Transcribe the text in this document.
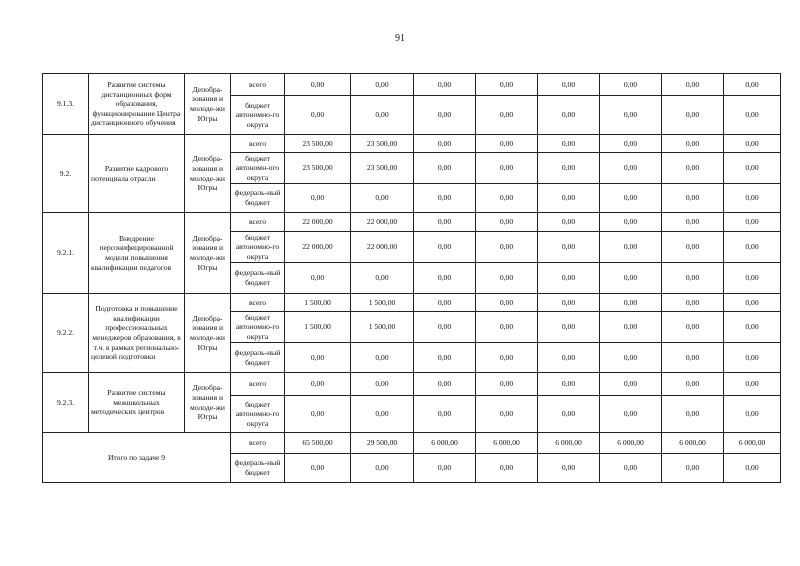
91
9.1.3.	Развитие системы дистанционных форм образования, функционирование Центра дистанционного обучения	Депобра-зования и молоде-жи Югры	всего	0,00	0,00	0,00	0,00	0,00	0,00	0,00	0,00
			бюджет автономно-го округа	0,00	0,00	0,00	0,00	0,00	0,00	0,00	0,00
9.2.	Развитие кадрового потенциала отрасли	Депобра-зования и молоде-жи Югры	всего	23 500,00	23 500,00	0,00	0,00	0,00	0,00	0,00	0,00
			бюджет автономн-ого округа	23 500,00	23 500,00	0,00	0,00	0,00	0,00	0,00	0,00
			федераль-ный бюджет	0,00	0,00	0,00	0,00	0,00	0,00	0,00	0,00
9.2.1.	Внедрение персонифицированной модели повышения квалификации педагогов	Депобра-зования и молоде-жи Югры	всего	22 000,00	22 000,00	0,00	0,00	0,00	0,00	0,00	0,00
			бюджет автономно-го округа	22 000,00	22 000,00	0,00	0,00	0,00	0,00	0,00	0,00
			федераль-ный бюджет	0,00	0,00	0,00	0,00	0,00	0,00	0,00	0,00
9.2.2.	Подготовка и повышение квалификации профессиональных менеджеров образования, в т.ч. в рамках регионально-целевой подготовки	Депобра-зования и молоде-жи Югры	всего	1 500,00	1 500,00	0,00	0,00	0,00	0,00	0,00	0,00
			бюджет автономно-го округа	1 500,00	1 500,00	0,00	0,00	0,00	0,00	0,00	0,00
			федераль-ный бюджет	0,00	0,00	0,00	0,00	0,00	0,00	0,00	0,00
9.2.3.	Развитие системы межшкольных методических центров	Депобра-зования и молоде-жи Югры	всего	0,00	0,00	0,00	0,00	0,00	0,00	0,00	0,00
			бюджет автономно-го округа	0,00	0,00	0,00	0,00	0,00	0,00	0,00	0,00
Итого по задаче 9			всего	65 500,00	29 500,00	6 000,00	6 000,00	6 000,00	6 000,00	6 000,00	6 000,00
			федераль-ный бюджет	0,00	0,00	0,00	0,00	0,00	0,00	0,00	0,00
